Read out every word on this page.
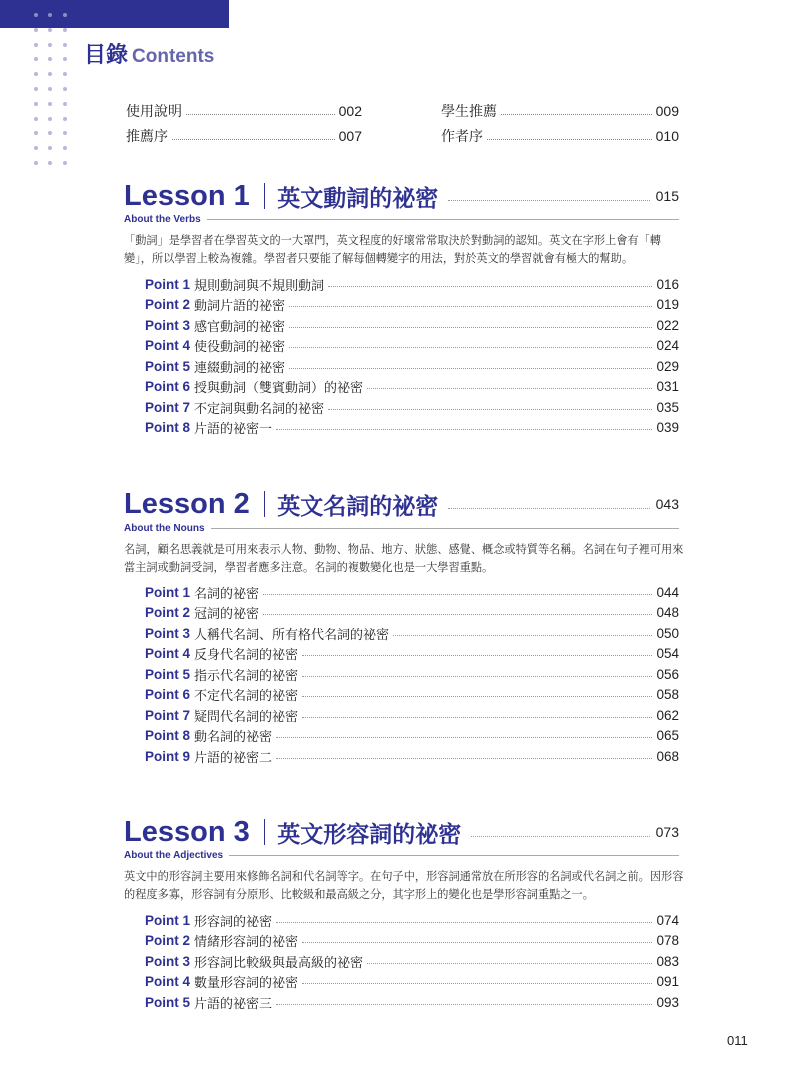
目錄 Contents
使用說明	002
推薦序	007
學生推薦	009
作者序	010
Lesson 1 英文動詞的祕密	015
About the Verbs
「動詞」是學習者在學習英文的一大罩門，英文程度的好壞常常取決於對動詞的認知。英文在字形上會有「轉變」，所以學習上較為複雜。學習者只要能了解每個轉變字的用法，對於英文的學習就會有極大的幫助。
Point 1 規則動詞與不規則動詞	016
Point 2 動詞片語的祕密	019
Point 3 感官動詞的祕密	022
Point 4 使役動詞的祕密	024
Point 5 連綴動詞的祕密	029
Point 6 授與動詞（雙賓動詞）的祕密	031
Point 7 不定詞與動名詞的祕密	035
Point 8 片語的祕密一	039
Lesson 2 英文名詞的祕密	043
About the Nouns
名詞，顧名思義就是可用來表示人物、動物、物品、地方、狀態、感覺、概念或特質等名稱。名詞在句子裡可用來當主詞或動詞受詞，學習者應多注意。名詞的複數變化也是一大學習重點。
Point 1 名詞的祕密	044
Point 2 冠詞的祕密	048
Point 3 人稱代名詞、所有格代名詞的祕密	050
Point 4 反身代名詞的祕密	054
Point 5 指示代名詞的祕密	056
Point 6 不定代名詞的祕密	058
Point 7 疑問代名詞的祕密	062
Point 8 動名詞的祕密	065
Point 9 片語的祕密二	068
Lesson 3 英文形容詞的祕密	073
About the Adjectives
英文中的形容詞主要用來修飾名詞和代名詞等字。在句子中，形容詞通常放在所形容的名詞或代名詞之前。因形容的程度多寡，形容詞有分原形、比較級和最高級之分，其字形上的變化也是學形容詞重點之一。
Point 1 形容詞的祕密	074
Point 2 情緒形容詞的祕密	078
Point 3 形容詞比較級與最高級的祕密	083
Point 4 數量形容詞的祕密	091
Point 5 片語的祕密三	093
011
